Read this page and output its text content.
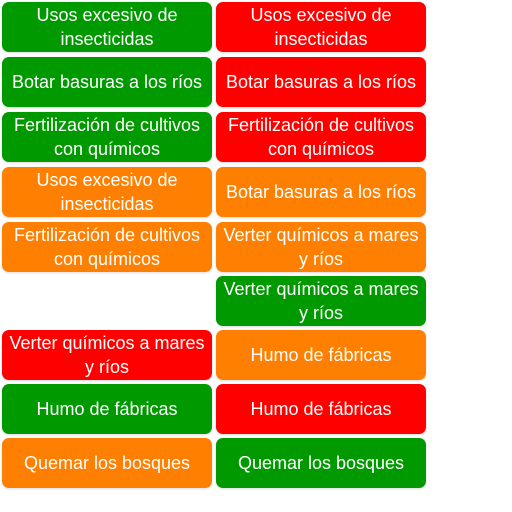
Usos excesivo de insecticidas
Botar basuras a los ríos
Fertilización de cultivos con químicos
Usos excesivo de insecticidas
Fertilización de cultivos con químicos
Verter químicos a mares y ríos
Humo de fábricas
Quemar los bosques
Usos excesivo de insecticidas
Botar basuras a los ríos
Fertilización de cultivos con químicos
Botar basuras a los ríos
Verter químicos a mares y ríos
Verter químicos a mares y ríos
Humo de fábricas
Humo de fábricas
Quemar los bosques
